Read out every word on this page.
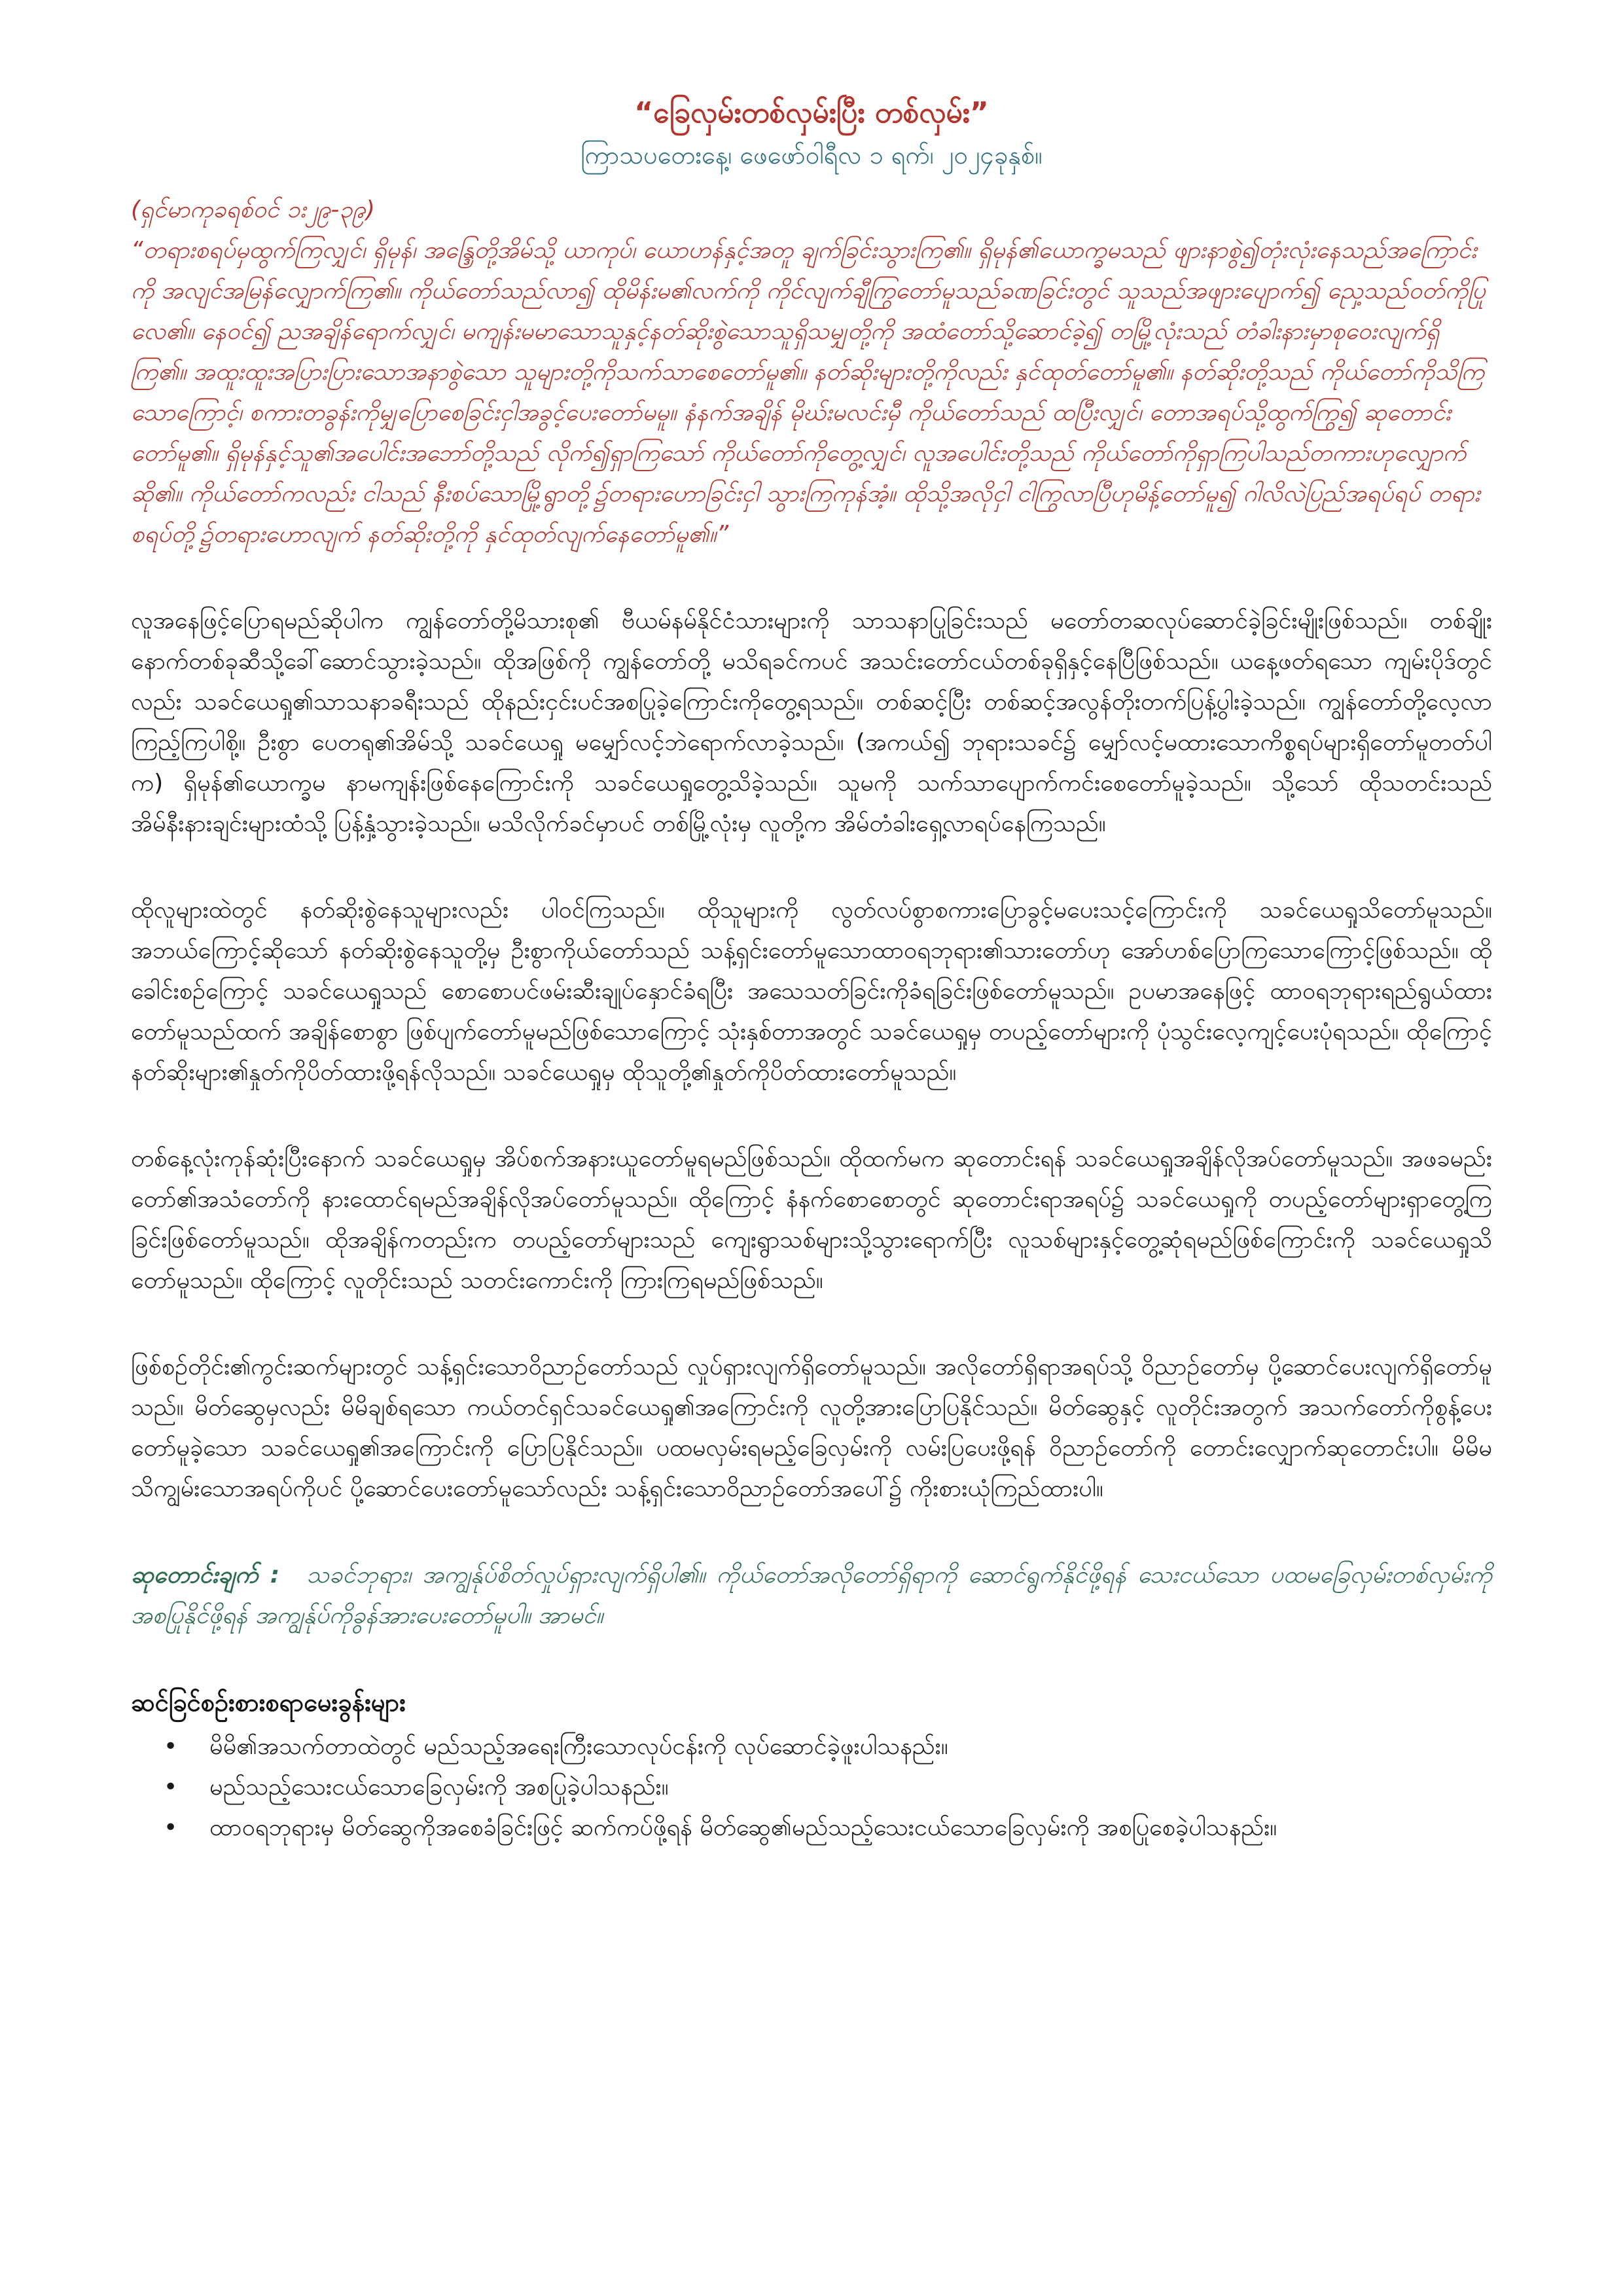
“ခြေလှမ်းတစ်လှမ်းပြီး တစ်လှမ်း”
ကြာသပတေးနေ့၊ ဖေဖော်ဝါရီလ ၁ ရက်၊ ၂၀၂၄ခုနှစ်။
(ရှင်မာကုခရစ်ဝင် ၁း၂၉-၃၉)
“တရားစရပ်မှထွက်ကြလျှင်၊ ရှိမုန်၊ အန္ဒြေတို့အိမ်သို့ ယာကုပ်၊ ယောဟန်နှင့်အတူ ချက်ခြင်းသွားကြ၏။ ရှိမုန်၏ယောက္ခမသည် ဖျားနာစွဲ၍တုံးလုံးနေသည်အကြောင်းကို အလျင်အမြန်လျှောက်ကြ၏။ ကိုယ်တော်သည်လာ၍ ထိုမိန်းမ၏လက်ကို ကိုင်လျက်ချီကြွတော်မူသည်ခဏခြင်းတွင် သူသည်အဖျားပျောက်၍ ညှေ့သည်ဝတ်ကိုပြုလေ၏။ နေဝင်၍ ညအချိန်ရောက်လျှင်၊ မကျန်းမမာသောသူနှင့်နတ်ဆိုးစွဲသောသူရှိသမျှတို့ကို အထံတော်သို့ဆောင်ခဲ့၍ တမြို့လုံးသည် တံခါးနားမှာစုဝေးလျက်ရှိကြ၏။ အထူးထူးအပြားပြားသောအနာစွဲသော သူများတို့ကိုသက်သာစေတော်မူ၏။ နတ်ဆိုးများတို့ကိုလည်း နှင်ထုတ်တော်မူ၏။ နတ်ဆိုးတို့သည် ကိုယ်တော်ကိုသိကြသောကြောင့်၊ စကားတခွန်းကိုမျှပြောစေခြင်းငှါအခွင့်ပေးတော်မမူ။ နံနက်အချိန် မိုဃ်းမလင်းမှီ ကိုယ်တော်သည် ထပြီးလျှင်၊ တောအရပ်သို့ထွက်ကြွ၍ ဆုတောင်းတော်မူ၏။ ရှိမုန်နှင့်သူ၏အပေါင်းအဘော်တို့သည် လိုက်၍ရှာကြသော် ကိုယ်တော်ကိုတွေ့လျှင်၊ လူအပေါင်းတို့သည် ကိုယ်တော်ကိုရှာကြပါသည်တကားဟုလျှောက်ဆို၏။ ကိုယ်တော်ကလည်း ငါသည် နီးစပ်သောမြို့ရွာတို့၌တရားဟောခြင်းငှါ သွားကြကုန်အံ့။ ထိုသို့အလိုငှါ ငါကြွလာပြီဟုမိန့်တော်မူ၍ ဂါလိလဲပြည်အရပ်ရပ် တရားစရပ်တို့၌တရားဟောလျက် နတ်ဆိုးတို့ကို နှင်ထုတ်လျက်နေတော်မူ၏။”

လူအနေဖြင့်ပြောရမည်ဆိုပါက ကျွန်တော်တို့မိသားစု၏ ဗီယမ်နမ်နိုင်ငံသားများကို သာသနာပြုခြင်းသည် မတော်တဆလုပ်ဆောင်ခဲ့ခြင်းမျိုးဖြစ်သည်။ တစ်ချိုးနောက်တစ်ခုဆီသို့ခေါ်ဆောင်သွားခဲ့သည်။ ထိုအဖြစ်ကို ကျွန်တော်တို့ မသိရခင်ကပင် အသင်းတော်ငယ်တစ်ခုရှိနှင့်နေပြီဖြစ်သည်။ ယနေ့ဖတ်ရသော ကျမ်းပိုဒ်တွင်လည်း သခင်ယေရှု၏သာသနာခရီးသည် ထိုနည်းငှင်းပင်အစပြုခဲ့ကြောင်းကိုတွေ့ရသည်။ တစ်ဆင့်ပြီး တစ်ဆင့်အလွန်တိုးတက်ပြန့်ပွါးခဲ့သည်။ ကျွန်တော်တို့လေ့လာကြည့်ကြပါစို့။ ဦးစွာ ပေတရု၏အိမ်သို့ သခင်ယေရှု မမျှော်လင့်ဘဲရောက်လာခဲ့သည်။ (အကယ်၍ ဘုရားသခင်၌ မျှော်လင့်မထားသောကိစ္စရပ်များရှိတော်မူတတ်ပါက) ရှိမုန်၏ယောက္ခမ နာမကျန်းဖြစ်နေကြောင်းကို သခင်ယေရှုတွေ့သိခဲ့သည်။ သူမကို သက်သာပျောက်ကင်းစေတော်မူခဲ့သည်။ သို့သော် ထိုသတင်းသည် အိမ်နီးနားချင်းများထံသို့ ပြန့်နှံ့သွားခဲ့သည်။ မသိလိုက်ခင်မှာပင် တစ်မြို့လုံးမှ လူတို့က အိမ်တံခါးရှေ့လာရပ်နေကြသည်။

ထိုလူများထဲတွင် နတ်ဆိုးစွဲနေသူများလည်း ပါဝင်ကြသည်။ ထိုသူများကို လွတ်လပ်စွာစကားပြောခွင့်မပေးသင့်ကြောင်းကို သခင်ယေရှုသိတော်မူသည်။ အဘယ်ကြောင့်ဆိုသော် နတ်ဆိုးစွဲနေသူတို့မှ ဦးစွာကိုယ်တော်သည် သန့်ရှင်းတော်မူသောထာဝရဘုရား၏သားတော်ဟု အော်ဟစ်ပြောကြသောကြောင့်ဖြစ်သည်။ ထိုခေါင်းစဉ်ကြောင့် သခင်ယေရှုသည် စောစောပင်ဖမ်းဆီးချုပ်နှောင်ခံရပြီး အသေသတ်ခြင်းကိုခံရခြင်းဖြစ်တော်မူသည်။ ဥပမာအနေဖြင့် ထာဝရဘုရားရည်ရွယ်ထားတော်မူသည်ထက် အချိန်စောစွာ ဖြစ်ပျက်တော်မူမည်ဖြစ်သောကြောင့် သုံးနှစ်တာအတွင် သခင်ယေရှုမှ တပည့်တော်များကို ပုံသွင်းလေ့ကျင့်ပေးပုံရသည်။ ထိုကြောင့် နတ်ဆိုးများ၏နှုတ်ကိုပိတ်ထားဖို့ရန်လိုသည်။ သခင်ယေရှုမှ ထိုသူတို့၏နှုတ်ကိုပိတ်ထားတော်မူသည်။

တစ်နေ့လုံးကုန်ဆုံးပြီးနောက် သခင်ယေရှုမှ အိပ်စက်အနားယူတော်မူရမည်ဖြစ်သည်။ ထိုထက်မက ဆုတောင်းရန် သခင်ယေရှုအချိန်လိုအပ်တော်မူသည်။ အဖခမည်းတော်၏အသံတော်ကို နားထောင်ရမည်အချိန်လိုအပ်တော်မူသည်။ ထိုကြောင့် နံနက်စောစောတွင် ဆုတောင်းရာအရပ်၌ သခင်ယေရှုကို တပည့်တော်များရှာတွေ့ကြခြင်းဖြစ်တော်မူသည်။ ထိုအချိန်ကတည်းက တပည့်တော်များသည် ကျေးရွာသစ်များသို့သွားရောက်ပြီး လူသစ်များနှင့်တွေ့ဆုံရမည်ဖြစ်ကြောင်းကို သခင်ယေရှုသိတော်မူသည်။ ထိုကြောင့် လူတိုင်းသည် သတင်းကောင်းကို ကြားကြရမည်ဖြစ်သည်။

ဖြစ်စဉ်တိုင်း၏ကွင်းဆက်များတွင် သန့်ရှင်းသောဝိညာဉ်တော်သည် လှုပ်ရှားလျက်ရှိတော်မူသည်။ အလိုတော်ရှိရာအရပ်သို့ ဝိညာဉ်တော်မှ ပို့ဆောင်ပေးလျက်ရှိတော်မူသည်။ မိတ်ဆွေမှလည်း မိမိချစ်ရသော ကယ်တင်ရှင်သခင်ယေရှု၏အကြောင်းကို လူတို့အားပြောပြနိုင်သည်။ မိတ်ဆွေနှင့် လူတိုင်းအတွက် အသက်တော်ကိုစွန့်ပေးတော်မူခဲ့သော သခင်ယေရှု၏အကြောင်းကို ပြောပြနိုင်သည်။ ပထမလှမ်းရမည့်ခြေလှမ်းကို လမ်းပြပေးဖို့ရန် ဝိညာဉ်တော်ကို တောင်းလျှောက်ဆုတောင်းပါ။ မိမိမသိကျွမ်းသောအရပ်ကိုပင် ပို့ဆောင်ပေးတော်မူသော်လည်း သန့်ရှင်းသောဝိညာဉ်တော်အပေါ်၌ ကိုးစားယုံကြည်ထားပါ။

ဆုတောင်းချက် : သခင်ဘုရား၊ အကျွန်ုပ်စိတ်လှုပ်ရှားလျက်ရှိပါ၏။ ကိုယ်တော်အလိုတော်ရှိရာကို ဆောင်ရွက်နိုင်ဖို့ရန် သေးငယ်သော ပထမခြေလှမ်းတစ်လှမ်းကို အစပြုနိုင်ဖို့ရန် အကျွန်ုပ်ကိုခွန်အားပေးတော်မူပါ။ အာမင်။
ဆင်ခြင်စဉ်းစားစရာမေးခွန်းများ
• မိမိ၏အသက်တာထဲတွင် မည်သည့်အရေးကြီးသောလုပ်ငန်းကို လုပ်ဆောင်ခဲ့ဖူးပါသနည်း။
• မည်သည့်သေးငယ်သောခြေလှမ်းကို အစပြုခဲ့ပါသနည်း။
• ထာဝရဘုရားမှ မိတ်ဆွေကိုအစေခံခြင်းဖြင့် ဆက်ကပ်ဖို့ရန် မိတ်ဆွေ၏မည်သည့်သေးငယ်သောခြေလှမ်းကို အစပြုစေခဲ့ပါသနည်း။
